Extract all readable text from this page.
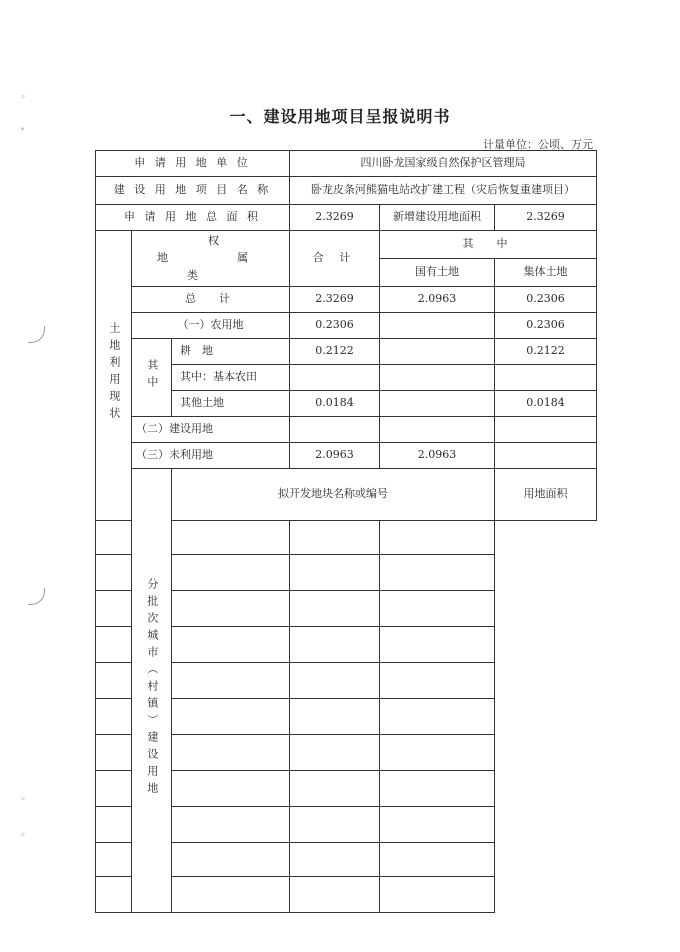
一、建设用地项目呈报说明书
计量单位：公顷、万元
申 请 用 地 单 位			四川卧龙国家级自然保护区管理局			
建 设 用 地 项 目 名 称			卧龙皮条河熊猫电站改扩建工程（灾后恢复重建项目）			
申 请 用 地 总 面 积			2.3269	新增建设用地面积	2.3269	
土地利用现状	权
地 属
类		合 计	其　中		
				国有土地	集体土地	
	总　计		2.3269	2.0963	0.2306	
	（一）农用地		0.2306		0.2306	
	其中	耕　地	0.2122		0.2122	
		其中：基本农田				
		其他土地	0.0184		0.0184	
	（二）建设用地					
	（三）未利用地		2.0963	2.0963		
	分批次城市（村镇）建设用地	拟开发地块名称或编号			用地面积	

◦
˅
◦
◦
